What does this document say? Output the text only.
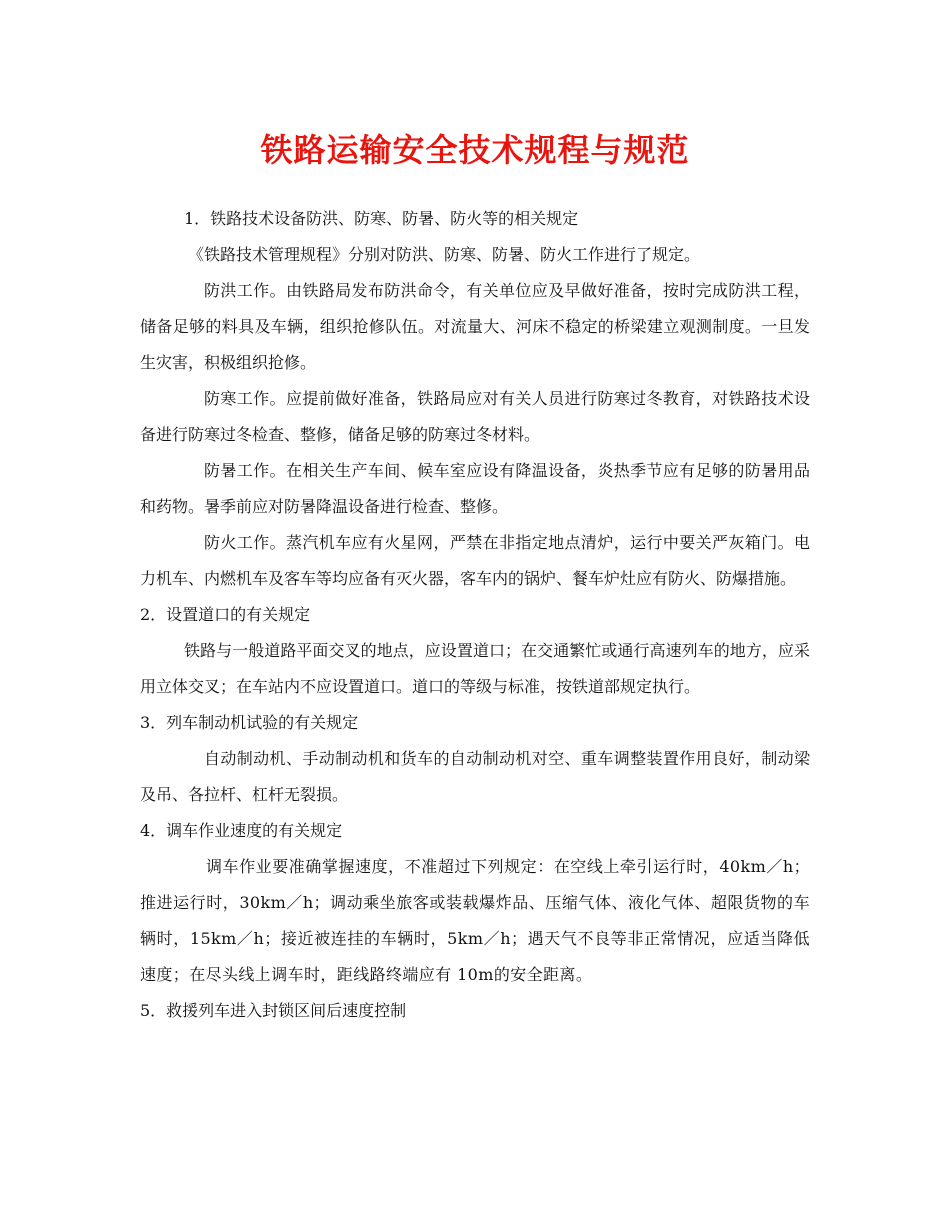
铁路运输安全技术规程与规范

1．铁路技术设备防洪、防寒、防暑、防火等的相关规定

《铁路技术管理规程》分别对防洪、防寒、防暑、防火工作进行了规定。

防洪工作。由铁路局发布防洪命令，有关单位应及早做好准备，按时完成防洪工程，储备足够的料具及车辆，组织抢修队伍。对流量大、河床不稳定的桥梁建立观测制度。一旦发生灾害，积极组织抢修。

防寒工作。应提前做好准备，铁路局应对有关人员进行防寒过冬教育，对铁路技术设备进行防寒过冬检查、整修，储备足够的防寒过冬材料。

防暑工作。在相关生产车间、候车室应设有降温设备，炎热季节应有足够的防暑用品和药物。暑季前应对防暑降温设备进行检查、整修。

防火工作。蒸汽机车应有火星网，严禁在非指定地点清炉，运行中要关严灰箱门。电力机车、内燃机车及客车等均应备有灭火器，客车内的锅炉、餐车炉灶应有防火、防爆措施。

2．设置道口的有关规定

铁路与一般道路平面交叉的地点，应设置道口；在交通繁忙或通行高速列车的地方，应采用立体交叉；在车站内不应设置道口。道口的等级与标准，按铁道部规定执行。

3．列车制动机试验的有关规定

自动制动机、手动制动机和货车的自动制动机对空、重车调整装置作用良好，制动梁及吊、各拉杆、杠杆无裂损。

4．调车作业速度的有关规定

调车作业要准确掌握速度，不准超过下列规定：在空线上牵引运行时，40km／h；推进运行时，30km／h；调动乘坐旅客或装载爆炸品、压缩气体、液化气体、超限货物的车辆时，15km／h；接近被连挂的车辆时，5km／h；遇天气不良等非正常情况，应适当降低速度；在尽头线上调车时，距线路终端应有 10m的安全距离。

5．救援列车进入封锁区间后速度控制
